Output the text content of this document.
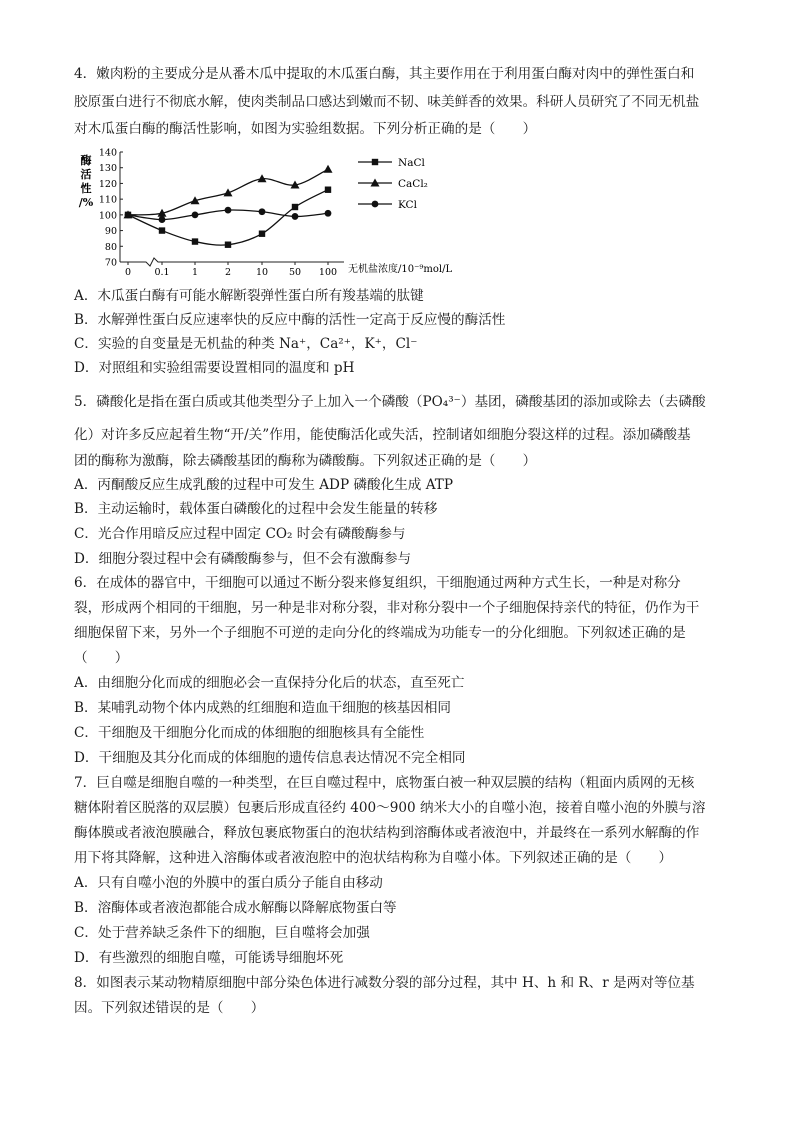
4．嫩肉粉的主要成分是从番木瓜中提取的木瓜蛋白酶，其主要作用在于利用蛋白酶对肉中的弹性蛋白和
胶原蛋白进行不彻底水解，使肉类制品口感达到嫩而不韧、味美鲜香的效果。科研人员研究了不同无机盐
对木瓜蛋白酶的酶活性影响，如图为实验组数据。下列分析正确的是（　　）
酶
活
性
/%
70
80
90
100
110
120
130
140
0 0.1 1	2	10 50 100
NaCl
CaCl₂
KCl
无机盐浓度/10⁻⁹mol/L
A．木瓜蛋白酶有可能水解断裂弹性蛋白所有羧基端的肽键
B．水解弹性蛋白反应速率快的反应中酶的活性一定高于反应慢的酶活性
C．实验的自变量是无机盐的种类 Na⁺，Ca²⁺，K⁺，Cl⁻
D．对照组和实验组需要设置相同的温度和 pH
5．磷酸化是指在蛋白质或其他类型分子上加入一个磷酸（PO₄³⁻）基团，磷酸基团的添加或除去（去磷酸
化）对许多反应起着生物“开/关”作用，能使酶活化或失活，控制诸如细胞分裂这样的过程。添加磷酸基
团的酶称为激酶，除去磷酸基团的酶称为磷酸酶。下列叙述正确的是（　　）
A．丙酮酸反应生成乳酸的过程中可发生 ADP 磷酸化生成 ATP
B．主动运输时，载体蛋白磷酸化的过程中会发生能量的转移
C．光合作用暗反应过程中固定 CO₂ 时会有磷酸酶参与
D．细胞分裂过程中会有磷酸酶参与，但不会有激酶参与
6．在成体的器官中，干细胞可以通过不断分裂来修复组织，干细胞通过两种方式生长，一种是对称分
裂，形成两个相同的干细胞，另一种是非对称分裂，非对称分裂中一个子细胞保持亲代的特征，仍作为干
细胞保留下来，另外一个子细胞不可逆的走向分化的终端成为功能专一的分化细胞。下列叙述正确的是
（　　）
A．由细胞分化而成的细胞必会一直保持分化后的状态，直至死亡
B．某哺乳动物个体内成熟的红细胞和造血干细胞的核基因相同
C．干细胞及干细胞分化而成的体细胞的细胞核具有全能性
D．干细胞及其分化而成的体细胞的遗传信息表达情况不完全相同
7．巨自噬是细胞自噬的一种类型，在巨自噬过程中，底物蛋白被一种双层膜的结构（粗面内质网的无核
糖体附着区脱落的双层膜）包裹后形成直径约 400～900 纳米大小的自噬小泡，接着自噬小泡的外膜与溶
酶体膜或者液泡膜融合，释放包裹底物蛋白的泡状结构到溶酶体或者液泡中，并最终在一系列水解酶的作
用下将其降解，这种进入溶酶体或者液泡腔中的泡状结构称为自噬小体。下列叙述正确的是（　　）
A．只有自噬小泡的外膜中的蛋白质分子能自由移动
B．溶酶体或者液泡都能合成水解酶以降解底物蛋白等
C．处于营养缺乏条件下的细胞，巨自噬将会加强
D．有些激烈的细胞自噬，可能诱导细胞坏死
8．如图表示某动物精原细胞中部分染色体进行减数分裂的部分过程，其中 H、h 和 R、r 是两对等位基
因。下列叙述错误的是（　　）
